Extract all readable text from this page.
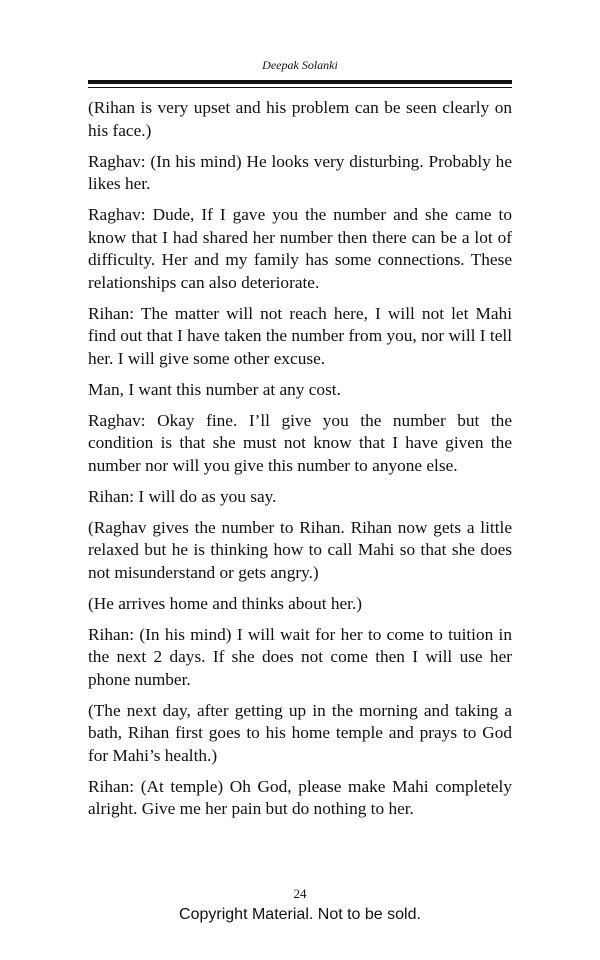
Deepak Solanki

(Rihan is very upset and his problem can be seen clearly on his face.)

Raghav: (In his mind) He looks very disturbing. Probably he likes her.

Raghav: Dude, If I gave you the number and she came to know that I had shared her number then there can be a lot of difficulty. Her and my family has some connections. These relationships can also deteriorate.

Rihan: The matter will not reach here, I will not let Mahi find out that I have taken the number from you, nor will I tell her. I will give some other excuse.

Man, I want this number at any cost.

Raghav: Okay fine. I’ll give you the number but the condition is that she must not know that I have given the number nor will you give this number to anyone else.

Rihan: I will do as you say.

(Raghav gives the number to Rihan. Rihan now gets a little relaxed but he is thinking how to call Mahi so that she does not misunderstand or gets angry.)

(He arrives home and thinks about her.)

Rihan: (In his mind) I will wait for her to come to tuition in the next 2 days. If she does not come then I will use her phone number.

(The next day, after getting up in the morning and taking a bath, Rihan first goes to his home temple and prays to God for Mahi’s health.)

Rihan: (At temple) Oh God, please make Mahi completely alright. Give me her pain but do nothing to her.

24
Copyright Material. Not to be sold.
